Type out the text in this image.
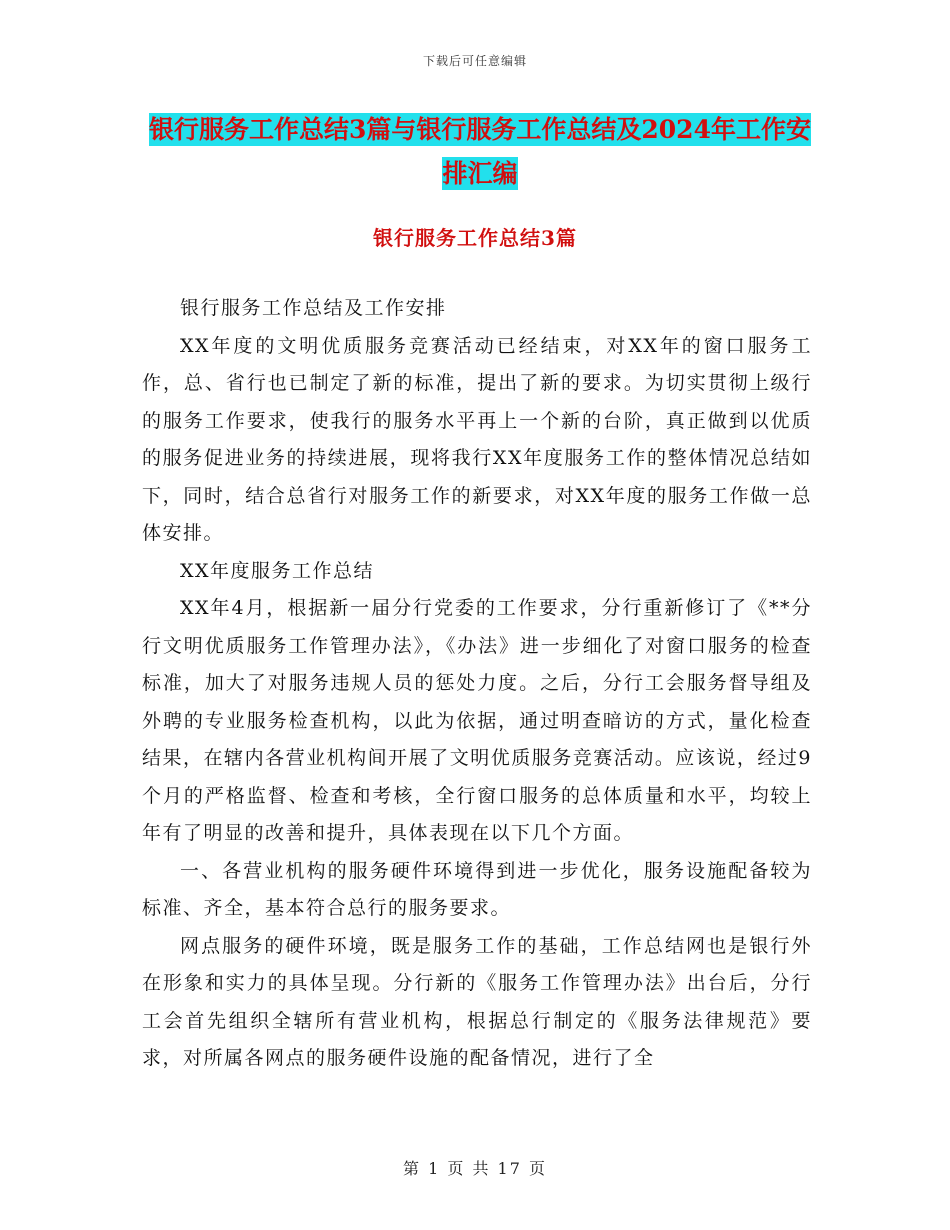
下载后可任意编辑
银行服务工作总结3篇与银行服务工作总结及2024年工作安排汇编
银行服务工作总结3篇

银行服务工作总结及工作安排

XX年度的文明优质服务竞赛活动已经结束，对XX年的窗口服务工作，总、省行也已制定了新的标准，提出了新的要求。为切实贯彻上级行的服务工作要求，使我行的服务水平再上一个新的台阶，真正做到以优质的服务促进业务的持续进展，现将我行XX年度服务工作的整体情况总结如下，同时，结合总省行对服务工作的新要求，对XX年度的服务工作做一总体安排。

XX年度服务工作总结

XX年4月，根据新一届分行党委的工作要求，分行重新修订了《**分行文明优质服务工作管理办法》，《办法》进一步细化了对窗口服务的检查标准，加大了对服务违规人员的惩处力度。之后，分行工会服务督导组及外聘的专业服务检查机构，以此为依据，通过明查暗访的方式，量化检查结果，在辖内各营业机构间开展了文明优质服务竞赛活动。应该说，经过9个月的严格监督、检查和考核，全行窗口服务的总体质量和水平，均较上年有了明显的改善和提升，具体表现在以下几个方面。

一、各营业机构的服务硬件环境得到进一步优化，服务设施配备较为标准、齐全，基本符合总行的服务要求。

网点服务的硬件环境，既是服务工作的基础，工作总结网也是银行外在形象和实力的具体呈现。分行新的《服务工作管理办法》出台后，分行工会首先组织全辖所有营业机构，根据总行制定的《服务法律规范》要求，对所属各网点的服务硬件设施的配备情况，进行了全

第 1 页 共 17 页
